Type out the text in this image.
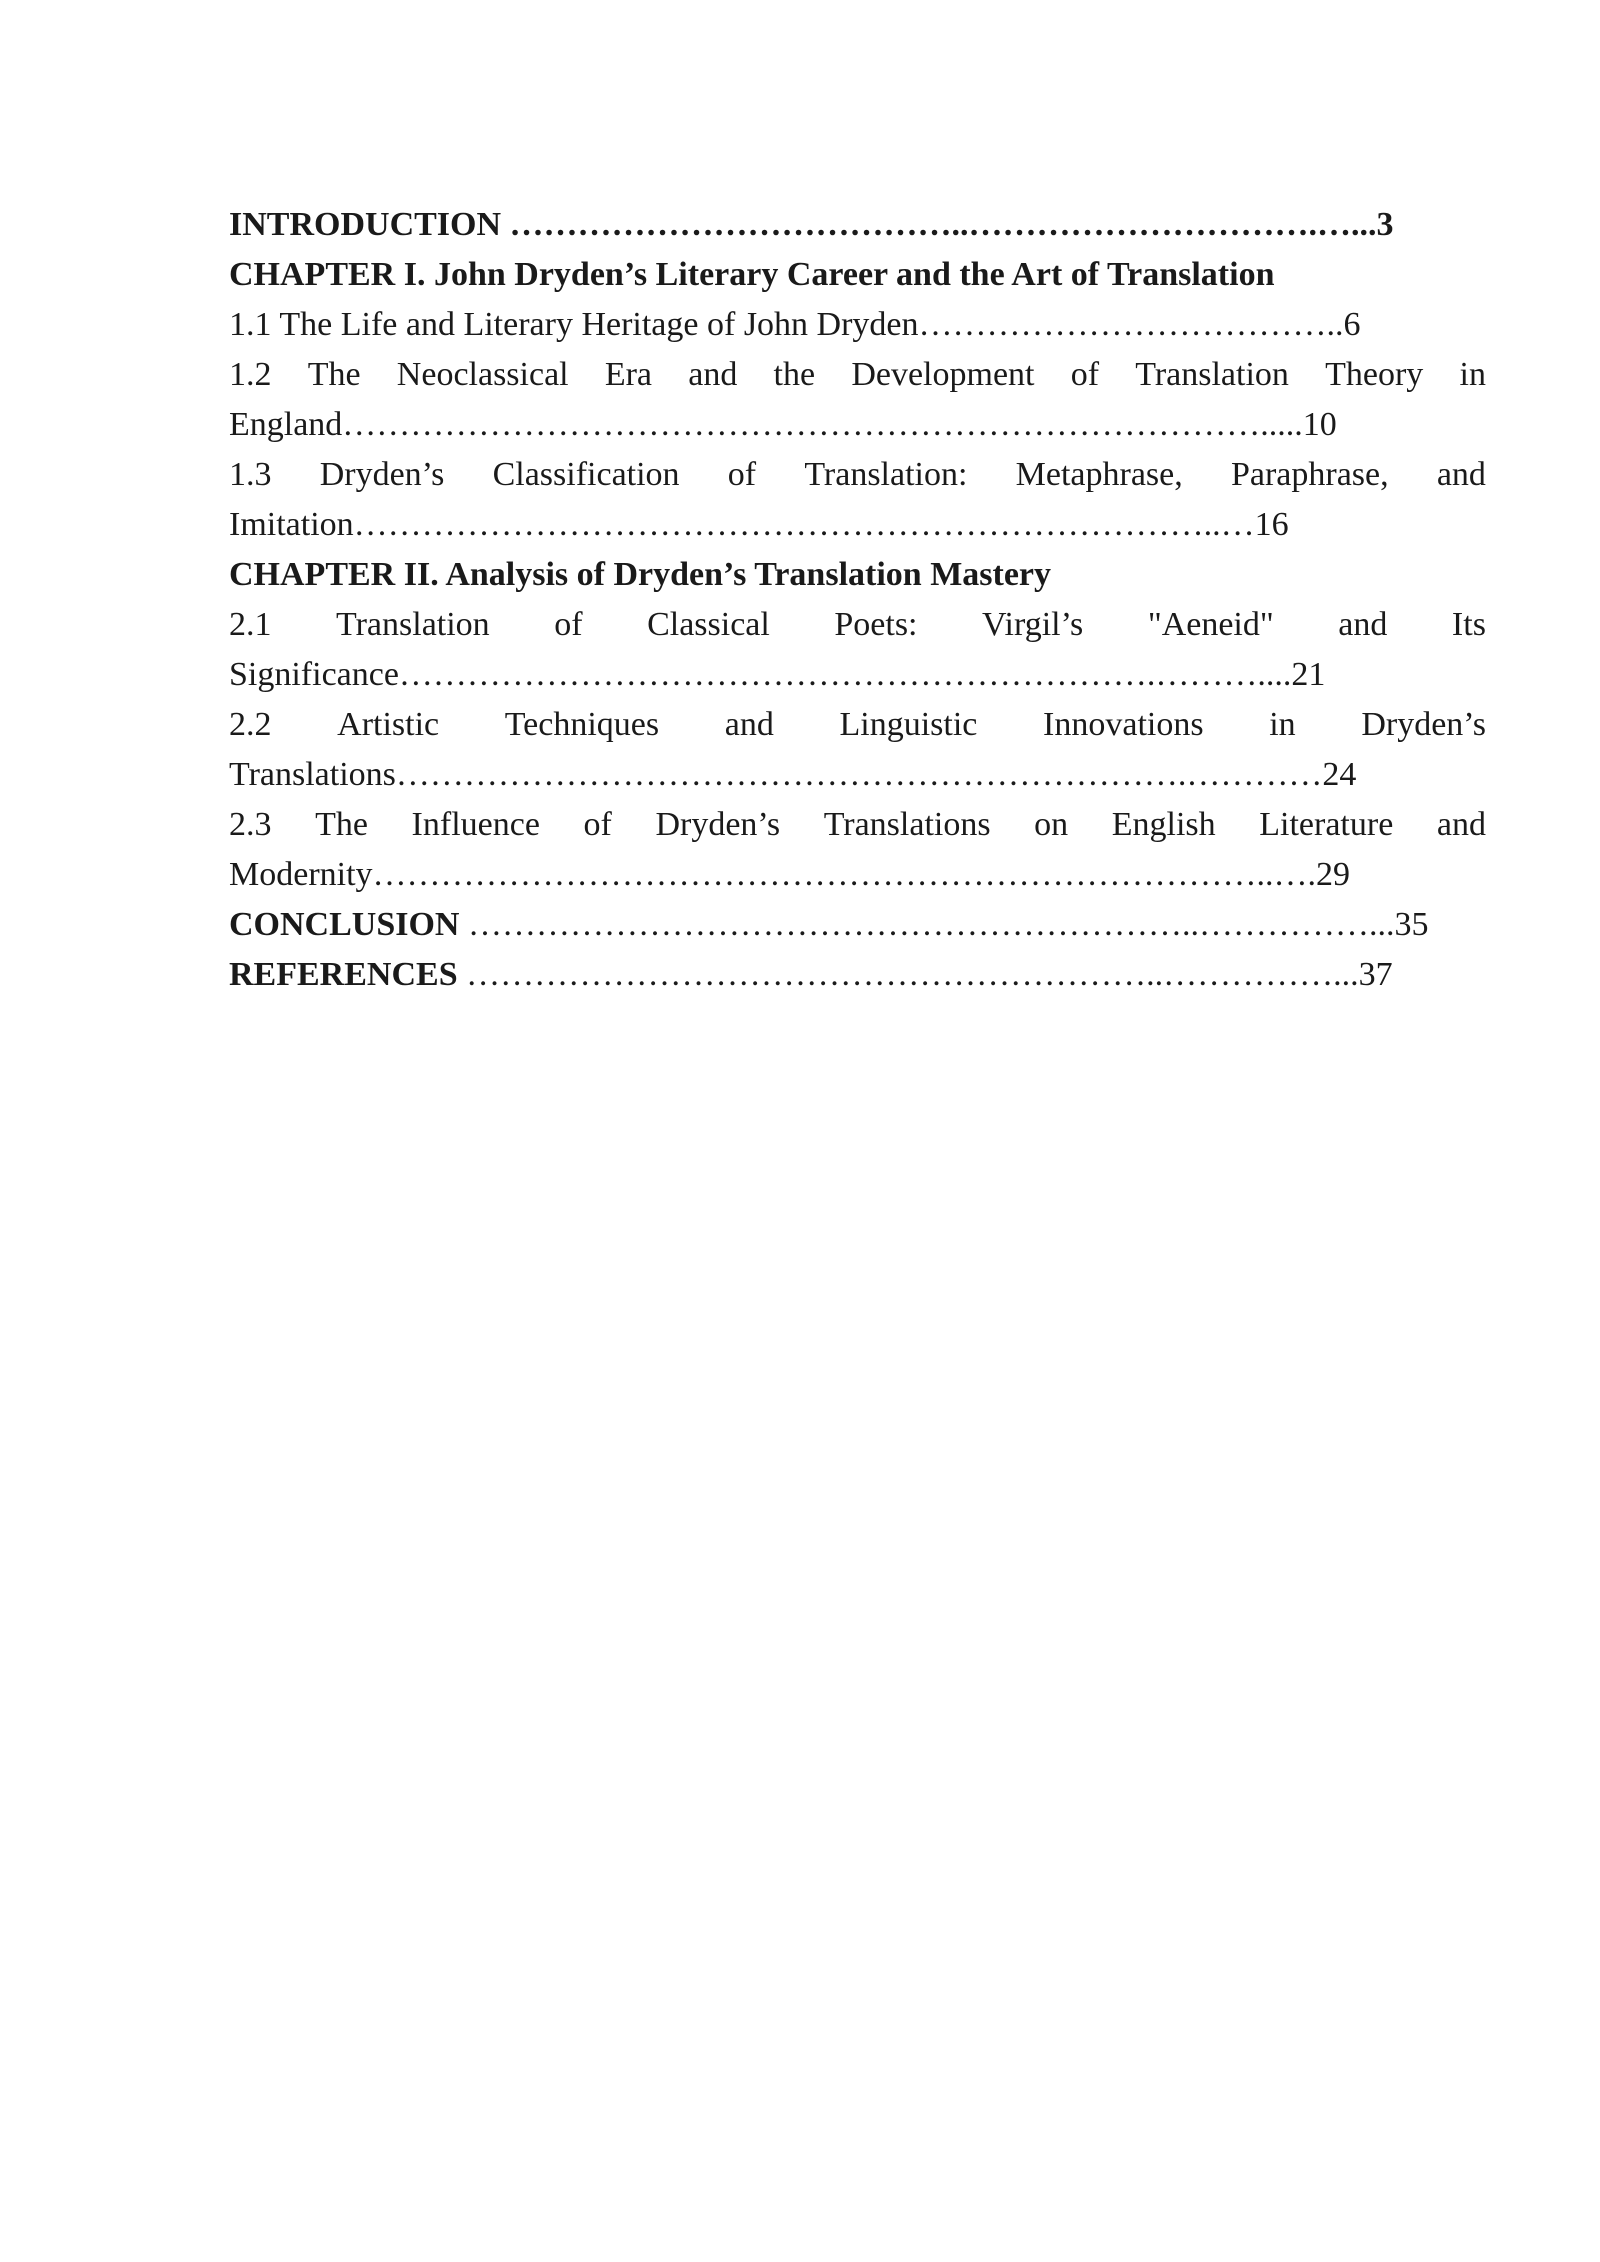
INTRODUCTION …………………………………..………………………….…...3
CHAPTER I. John Dryden’s Literary Career and the Art of Translation
1.1 The Life and Literary Heritage of John Dryden………………………………..6
1.2 The Neoclassical Era and the Development of Translation Theory in
England……………………………………………………………………….....10
1.3 Dryden’s Classification of Translation: Metaphrase, Paraphrase, and
Imitation…………………………………………………………………..…16
CHAPTER II. Analysis of Dryden’s Translation Mastery
2.1 Translation of Classical Poets: Virgil’s "Aeneid" and Its
Significance………………………………………………………….………....21
2.2 Artistic Techniques and Linguistic Innovations in Dryden’s
Translations…………………………………………………………….…………24
2.3 The Influence of Dryden’s Translations on English Literature and
Modernity……………………………………………………………………..….29
CONCLUSION ………………………………………………………..……………...35
REFERENCES ……………………………………………………..……………...37
